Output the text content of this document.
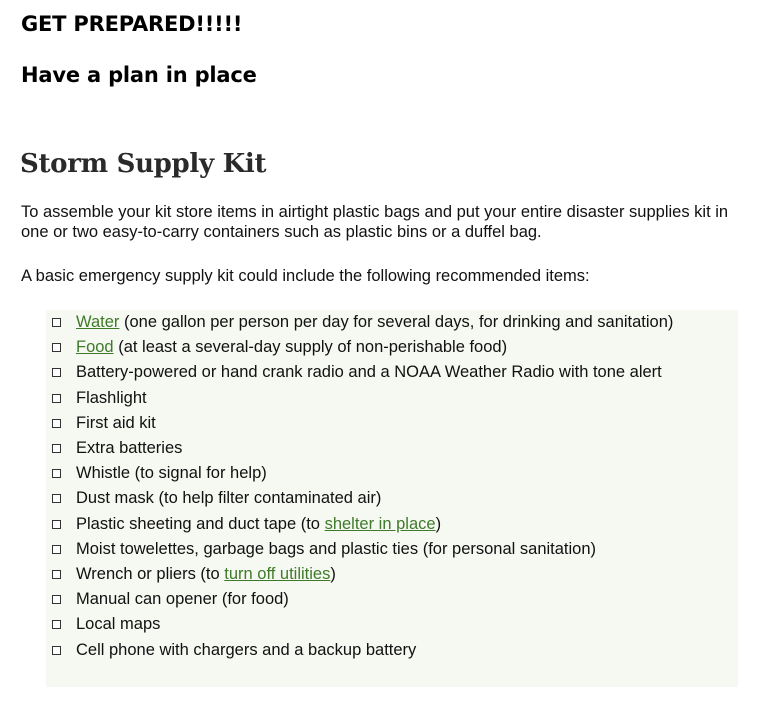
GET PREPARED!!!!!
Have a plan in place
Storm Supply Kit

To assemble your kit store items in airtight plastic bags and put your entire disaster supplies kit in one or two easy-to-carry containers such as plastic bins or a duffel bag.

A basic emergency supply kit could include the following recommended items:

Water (one gallon per person per day for several days, for drinking and sanitation)
Food (at least a several-day supply of non-perishable food)
Battery-powered or hand crank radio and a NOAA Weather Radio with tone alert
Flashlight
First aid kit
Extra batteries
Whistle (to signal for help)
Dust mask (to help filter contaminated air)
Plastic sheeting and duct tape (to shelter in place)
Moist towelettes, garbage bags and plastic ties (for personal sanitation)
Wrench or pliers (to turn off utilities)
Manual can opener (for food)
Local maps
Cell phone with chargers and a backup battery
